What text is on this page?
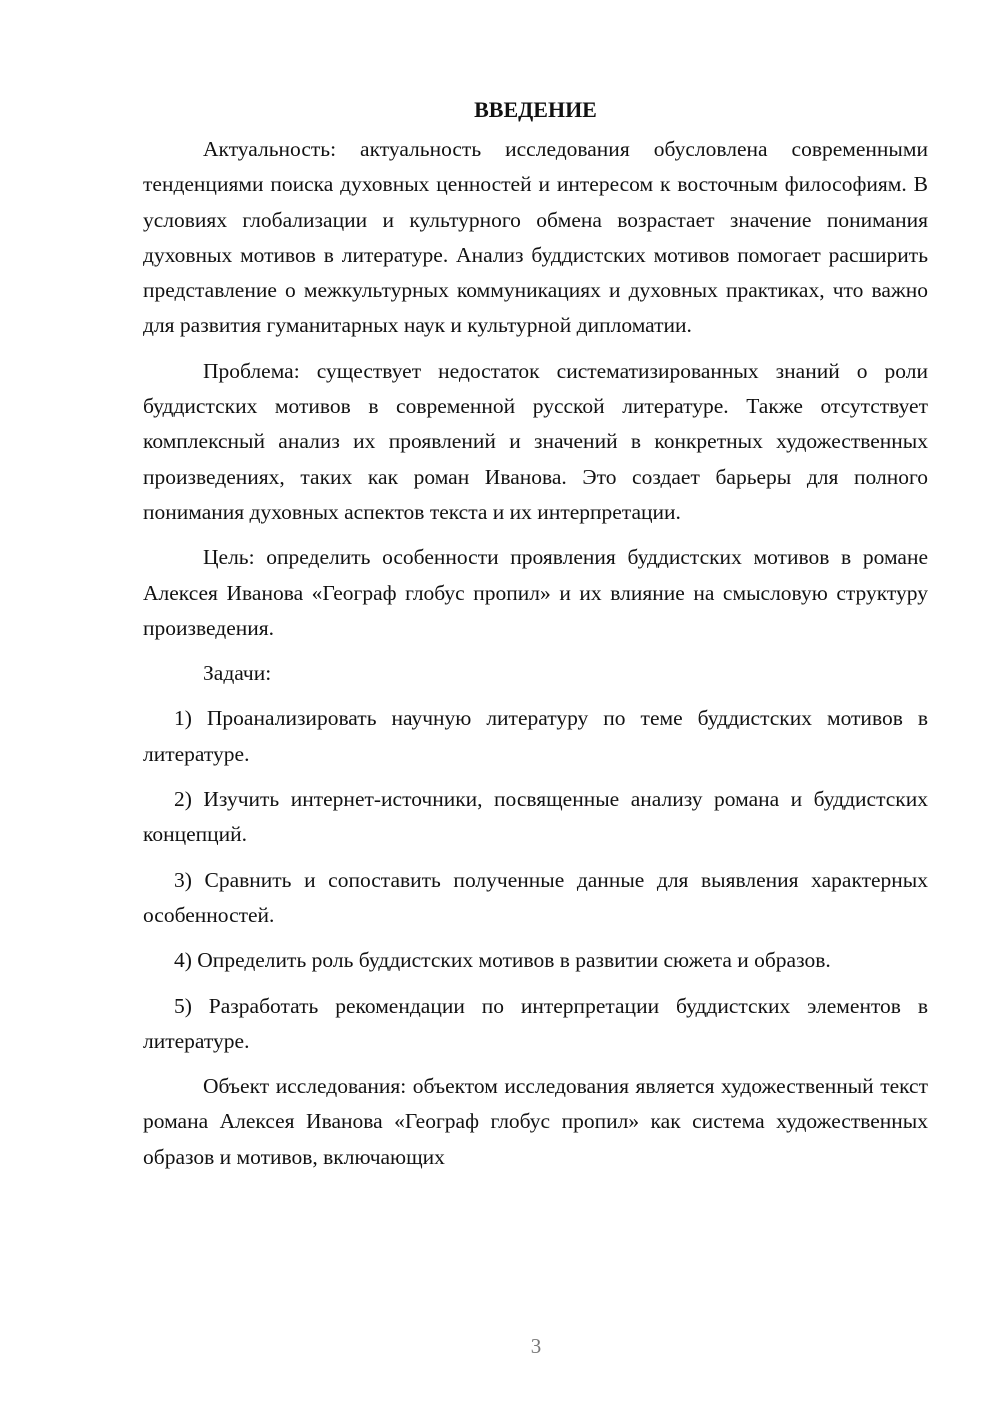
ВВЕДЕНИЕ

Актуальность: актуальность исследования обусловлена современными тенденциями поиска духовных ценностей и интересом к восточным философиям. В условиях глобализации и культурного обмена возрастает значение понимания духовных мотивов в литературе. Анализ буддистских мотивов помогает расширить представление о межкультурных коммуникациях и духовных практиках, что важно для развития гуманитарных наук и культурной дипломатии.

Проблема: существует недостаток систематизированных знаний о роли буддистских мотивов в современной русской литературе. Также отсутствует комплексный анализ их проявлений и значений в конкретных художественных произведениях, таких как роман Иванова. Это создает барьеры для полного понимания духовных аспектов текста и их интерпретации.

Цель: определить особенности проявления буддистских мотивов в романе Алексея Иванова «Географ глобус пропил» и их влияние на смысловую структуру произведения.

Задачи:

1) Проанализировать научную литературу по теме буддистских мотивов в литературе.

2) Изучить интернет-источники, посвященные анализу романа и буддистских концепций.

3) Сравнить и сопоставить полученные данные для выявления характерных особенностей.

4) Определить роль буддистских мотивов в развитии сюжета и образов.

5) Разработать рекомендации по интерпретации буддистских элементов в литературе.

Объект исследования: объектом исследования является художественный текст романа Алексея Иванова «Географ глобус пропил» как система художественных образов и мотивов, включающих

3
